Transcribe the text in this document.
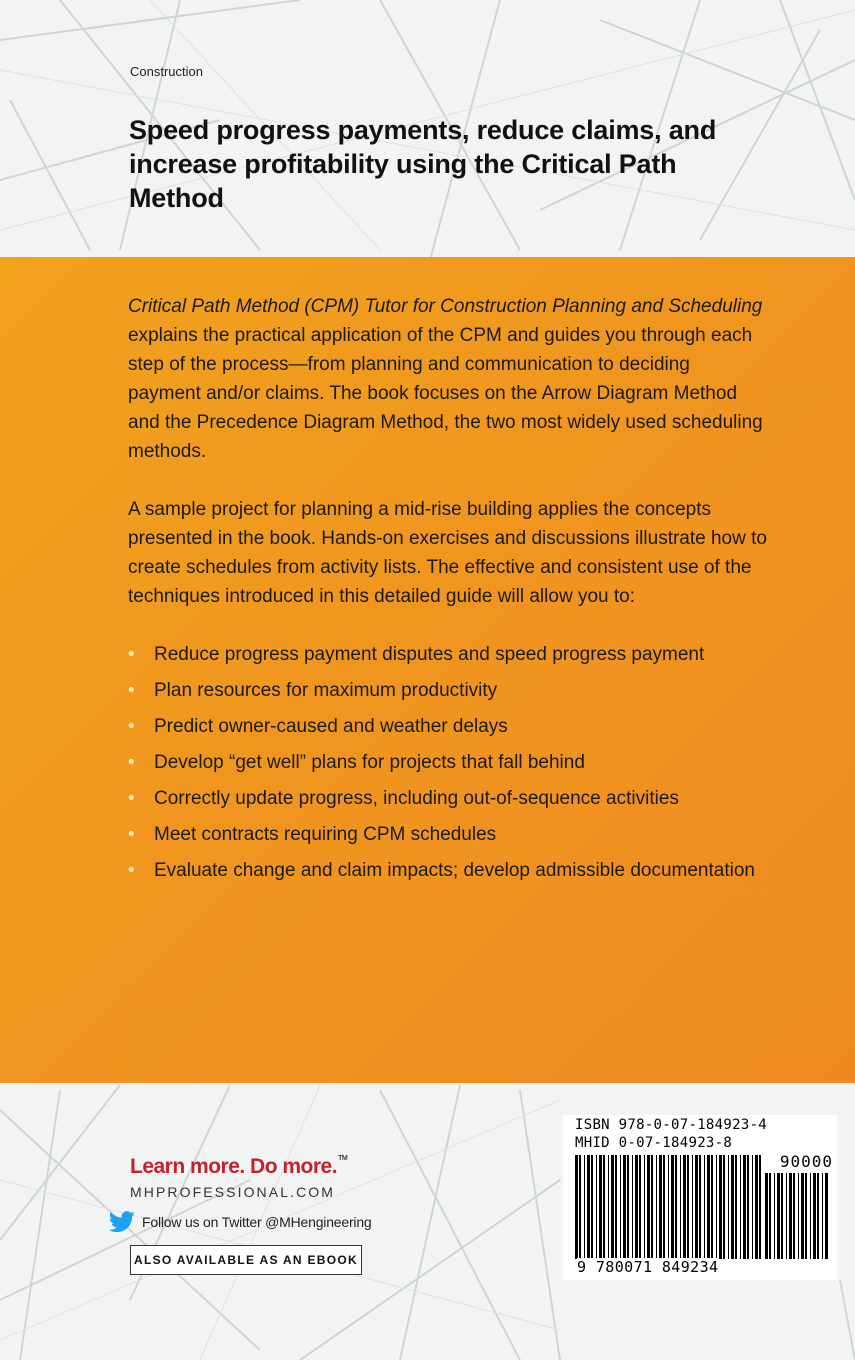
Construction
Speed progress payments, reduce claims, and increase profitability using the Critical Path Method

Critical Path Method (CPM) Tutor for Construction Planning and Scheduling explains the practical application of the CPM and guides you through each step of the process—from planning and communication to deciding payment and/or claims. The book focuses on the Arrow Diagram Method and the Precedence Diagram Method, the two most widely used scheduling methods.

A sample project for planning a mid-rise building applies the concepts presented in the book. Hands-on exercises and discussions illustrate how to create schedules from activity lists. The effective and consistent use of the techniques introduced in this detailed guide will allow you to:

• Reduce progress payment disputes and speed progress payment
• Plan resources for maximum productivity
• Predict owner-caused and weather delays
• Develop “get well” plans for projects that fall behind
• Correctly update progress, including out-of-sequence activities
• Meet contracts requiring CPM schedules
• Evaluate change and claim impacts; develop admissible documentation
Learn more. Do more.™
MHPROFESSIONAL.COM
Follow us on Twitter @MHengineering
ALSO AVAILABLE AS AN EBOOK
ISBN 978-0-07-184923-4
MHID 0-07-184923-8
90000
9 780071 849234
